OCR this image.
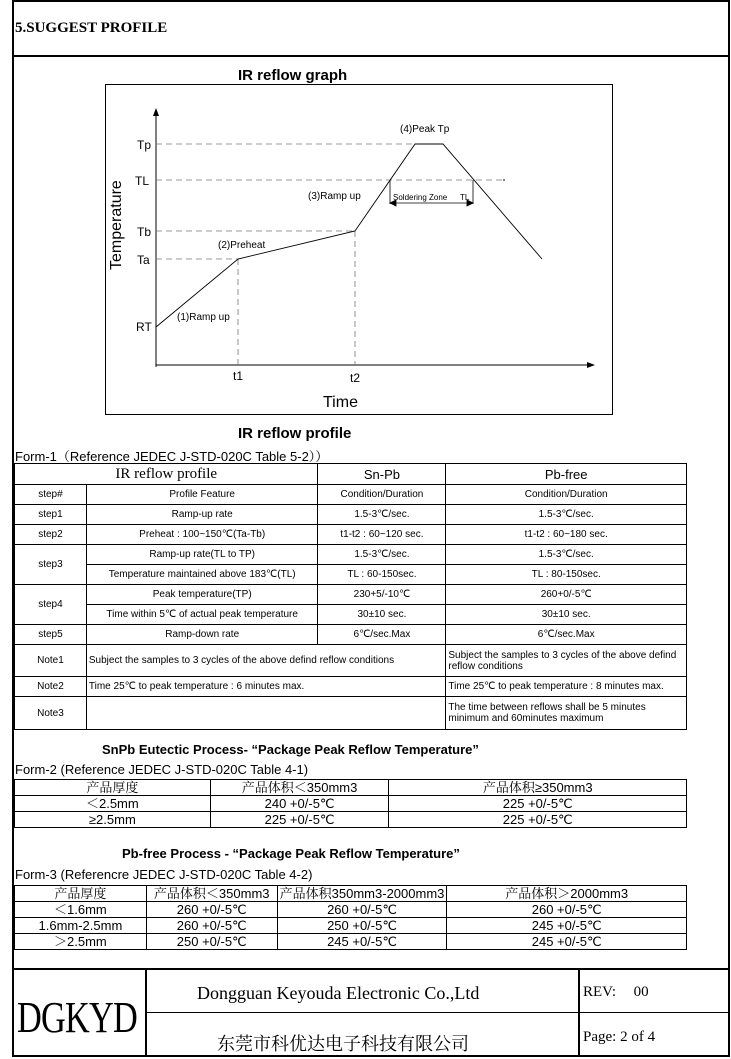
5.SUGGEST PROFILE
IR reflow graph
Tp
TL
Tb
Ta
RT
t1	t2
(1)Ramp up
(2)Preheat
(3)Ramp up
(4)Peak Tp
Soldering Zone TL
Temperature
Time
IR reflow profile
Form-1（Reference JEDEC J-STD-020C Table 5-2））
IR reflow profile		Sn-Pb	Pb-free
step#	Profile Feature	Condition/Duration	Condition/Duration
step1	Ramp-up rate	1.5-3℃/sec.	1.5-3℃/sec.
step2	Preheat : 100~150℃(Ta-Tb)	t1-t2 : 60~120 sec.	t1-t2 : 60~180 sec.
step3	Ramp-up rate(TL to TP)	1.5-3℃/sec.	1.5-3℃/sec.
	Temperature maintained above 183℃(TL)	TL : 60-150sec.	TL : 80-150sec.
step4	Peak temperature(TP)	230+5/-10℃	260+0/-5℃
	Time within 5℃ of actual peak temperature	30±10 sec.	30±10 sec.
step5	Ramp-down rate	6℃/sec.Max	6℃/sec.Max
Note1	Subject the samples to 3 cycles of the above defind reflow conditions		Subject the samples to 3 cycles of the above defind reflow conditions
Note2	Time 25℃ to peak temperature : 6 minutes max.		Time 25℃ to peak temperature : 8 minutes max.
Note3			The time between reflows shall be 5 minutes minimum and 60minutes maximum
SnPb Eutectic Process- “Package Peak Reflow Temperature”
Form-2 (Reference JEDEC J-STD-020C Table 4-1)
产品厚度	产品体积＜350mm3	产品体积≥350mm3
＜2.5mm	240 +0/-5℃	225 +0/-5℃
≥2.5mm	225 +0/-5℃	225 +0/-5℃
Pb-free Process - “Package Peak Reflow Temperature”
Form-3 (Referencre JEDEC J-STD-020C Table 4-2)
产品厚度	产品体积＜350mm3	产品体积350mm3-2000mm3	产品体积＞2000mm3
＜1.6mm	260 +0/-5℃	260 +0/-5℃	260 +0/-5℃
1.6mm-2.5mm	260 +0/-5℃	250 +0/-5℃	245 +0/-5℃
＞2.5mm	250 +0/-5℃	245 +0/-5℃	245 +0/-5℃
DGKYD	Dongguan Keyouda Electronic Co.,Ltd
东莞市科优达电子科技有限公司
REV: 00
Page: 2 of 4
